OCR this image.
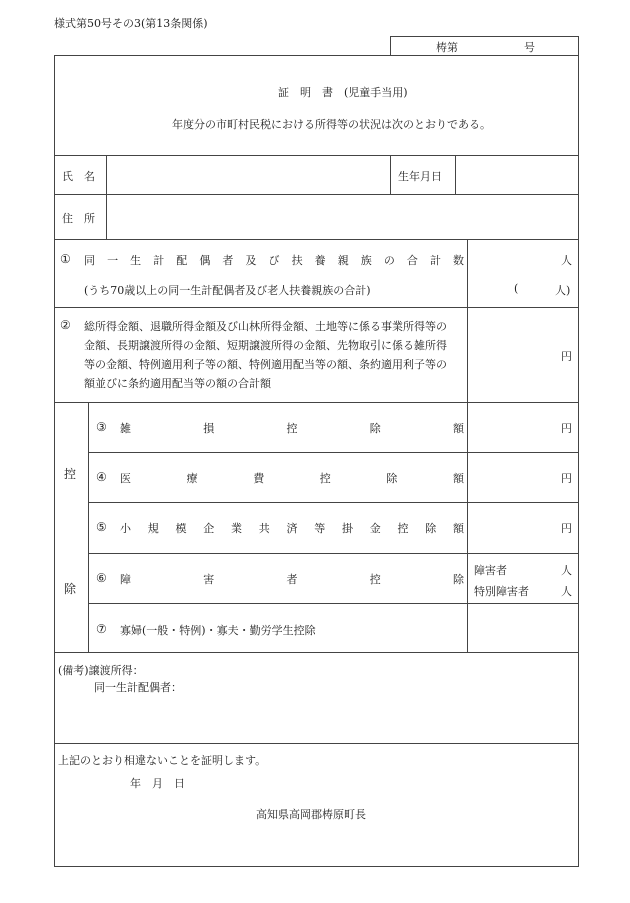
様式第50号その3(第13条関係)
梼第	号
証　明　書　(児童手当用)
年度分の市町村民税における所得等の状況は次のとおりである。
氏　名	生年月日
住　所
① 同 一 生 計 配 偶 者 及 び 扶 養 親 族 の 合 計 数
(うち70歳以上の同一生計配偶者及び老人扶養親族の合計)
人
(	人)
② 総所得金額、退職所得金額及び山林所得金額、土地等に係る事業所得等の
金額、長期譲渡所得の金額、短期譲渡所得の金額、先物取引に係る雑所得
等の金額、特例適用利子等の額、特例適用配当等の額、条約適用利子等の
額並びに条約適用配当等の額の合計額
円
控
除
③ 雑	損	控	除	額	円
④ 医	療	費	控	除	額	円
⑤ 小 規 模 企 業 共 済 等 掛 金 控 除 額	円
⑥ 障	害	者	控	除
障害者	人
特別障害者	人
⑦ 寡婦(一般・特例)・寡夫・勤労学生控除
(備考)譲渡所得：
同一生計配偶者：
上記のとおり相違ないことを証明します。
年　月　日
高知県高岡郡梼原町長
